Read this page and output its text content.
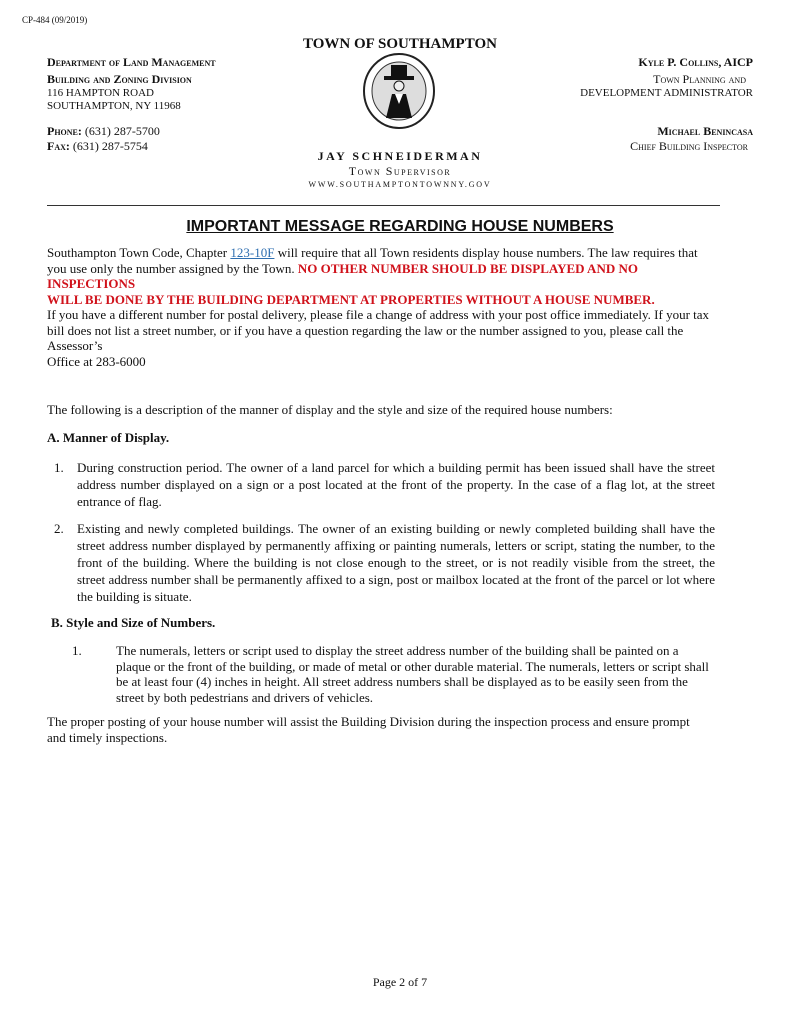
CP-484 (09/2019)
TOWN OF SOUTHAMPTON
Department of Land Management
Building and Zoning Division
116 HAMPTON ROAD
SOUTHAMPTON, NY 11968
Phone: (631) 287-5700
Fax: (631) 287-5754
JAY SCHNEIDERMAN
Town Supervisor
WWW.SOUTHAMPTONTOWNNY.GOV
Kyle P. Collins, AICP
Town Planning and
DEVELOPMENT ADMINISTRATOR
Michael Benincasa
Chief Building Inspector
IMPORTANT MESSAGE REGARDING HOUSE NUMBERS
Southampton Town Code, Chapter 123-10F will require that all Town residents display house numbers. The law requires that
you use only the number assigned by the Town. NO OTHER NUMBER SHOULD BE DISPLAYED AND NO
INSPECTIONS
WILL BE DONE BY THE BUILDING DEPARTMENT AT PROPERTIES WITHOUT A HOUSE NUMBER.
If you have a different number for postal delivery, please file a change of address with your post office immediately. If your tax
bill does not list a street number, or if you have a question regarding the law or the number assigned to you, please call the
Assessor’s
Office at 283-6000
The following is a description of the manner of display and the style and size of the required house numbers:
A. Manner of Display.
1. During construction period. The owner of a land parcel for which a building permit has been issued shall have the street address number displayed on a sign or a post located at the front of the property. In the case of a flag lot, at the street entrance of flag.
2. Existing and newly completed buildings. The owner of an existing building or newly completed building shall have the street address number displayed by permanently affixing or painting numerals, letters or script, stating the number, to the front of the building. Where the building is not close enough to the street, or is not readily visible from the street, the street address number shall be permanently affixed to a sign, post or mailbox located at the front of the parcel or lot where the building is situate.
B. Style and Size of Numbers.
1.	The numerals, letters or script used to display the street address number of the building shall be painted on a plaque or the front of the building, or made of metal or other durable material. The numerals, letters or script shall be at least four (4) inches in height. All street address numbers shall be displayed as to be easily seen from the street by both pedestrians and drivers of vehicles.
The proper posting of your house number will assist the Building Division during the inspection process and ensure prompt and timely inspections.
Page 2 of 7
